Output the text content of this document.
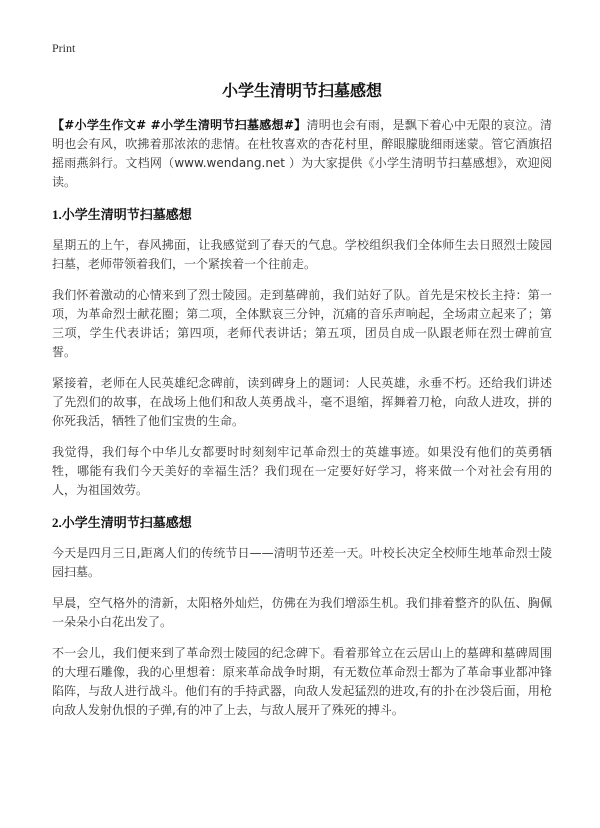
Print
小学生清明节扫墓感想

【#小学生作文# #小学生清明节扫墓感想#】清明也会有雨，是飘下着心中无限的哀泣。清明也会有风，吹拂着那浓浓的悲情。在杜牧喜欢的杏花村里，醉眼朦胧细雨迷蒙。管它酒旗招摇雨燕斜行。文档网（www.wendang.net ）为大家提供《小学生清明节扫墓感想》，欢迎阅读。

1.小学生清明节扫墓感想

星期五的上午，春风拂面，让我感觉到了春天的气息。学校组织我们全体师生去日照烈士陵园扫墓，老师带领着我们，一个紧挨着一个往前走。

我们怀着激动的心情来到了烈士陵园。走到墓碑前，我们站好了队。首先是宋校长主持：第一项，为革命烈士献花圈；第二项，全体默哀三分钟，沉痛的音乐声响起，全场肃立起来了；第三项，学生代表讲话；第四项，老师代表讲话；第五项，团员自成一队跟老师在烈士碑前宣誓。

紧接着，老师在人民英雄纪念碑前，读到碑身上的题词：人民英雄，永垂不朽。还给我们讲述了先烈们的故事，在战场上他们和敌人英勇战斗，毫不退缩，挥舞着刀枪，向敌人进攻，拼的你死我活，牺牲了他们宝贵的生命。

我觉得，我们每个中华儿女都要时时刻刻牢记革命烈士的英雄事迹。如果没有他们的英勇牺牲，哪能有我们今天美好的幸福生活？我们现在一定要好好学习，将来做一个对社会有用的人，为祖国效劳。

2.小学生清明节扫墓感想

今天是四月三日,距离人们的传统节日——清明节还差一天。叶校长决定全校师生地革命烈士陵园扫墓。

早晨，空气格外的清新，太阳格外灿烂，仿佛在为我们增添生机。我们排着整齐的队伍、胸佩一朵朵小白花出发了。

不一会儿，我们便来到了革命烈士陵园的纪念碑下。看着那耸立在云居山上的墓碑和墓碑周围的大理石雕像，我的心里想着：原来革命战争时期，有无数位革命烈士都为了革命事业都冲锋陷阵，与敌人进行战斗。他们有的手持武器，向敌人发起猛烈的进攻,有的扑在沙袋后面，用枪向敌人发射仇恨的子弹,有的冲了上去，与敌人展开了殊死的搏斗。
